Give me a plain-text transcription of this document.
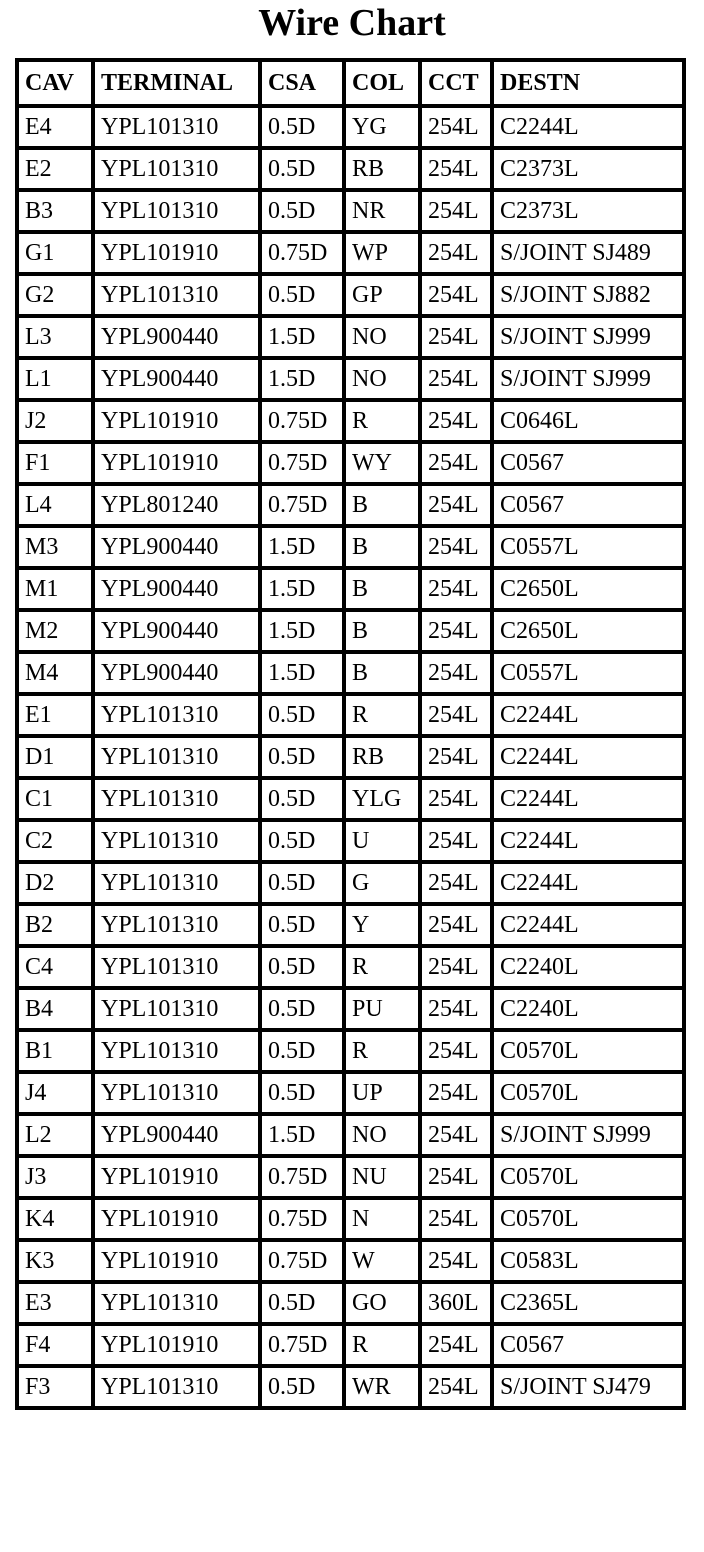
Wire Chart
CAV	TERMINAL	CSA	COL	CCT	DESTN
E4	YPL101310	0.5D	YG	254L	C2244L
E2	YPL101310	0.5D	RB	254L	C2373L
B3	YPL101310	0.5D	NR	254L	C2373L
G1	YPL101910	0.75D	WP	254L	S/JOINT SJ489
G2	YPL101310	0.5D	GP	254L	S/JOINT SJ882
L3	YPL900440	1.5D	NO	254L	S/JOINT SJ999
L1	YPL900440	1.5D	NO	254L	S/JOINT SJ999
J2	YPL101910	0.75D	R	254L	C0646L
F1	YPL101910	0.75D	WY	254L	C0567
L4	YPL801240	0.75D	B	254L	C0567
M3	YPL900440	1.5D	B	254L	C0557L
M1	YPL900440	1.5D	B	254L	C2650L
M2	YPL900440	1.5D	B	254L	C2650L
M4	YPL900440	1.5D	B	254L	C0557L
E1	YPL101310	0.5D	R	254L	C2244L
D1	YPL101310	0.5D	RB	254L	C2244L
C1	YPL101310	0.5D	YLG	254L	C2244L
C2	YPL101310	0.5D	U	254L	C2244L
D2	YPL101310	0.5D	G	254L	C2244L
B2	YPL101310	0.5D	Y	254L	C2244L
C4	YPL101310	0.5D	R	254L	C2240L
B4	YPL101310	0.5D	PU	254L	C2240L
B1	YPL101310	0.5D	R	254L	C0570L
J4	YPL101310	0.5D	UP	254L	C0570L
L2	YPL900440	1.5D	NO	254L	S/JOINT SJ999
J3	YPL101910	0.75D	NU	254L	C0570L
K4	YPL101910	0.75D	N	254L	C0570L
K3	YPL101910	0.75D	W	254L	C0583L
E3	YPL101310	0.5D	GO	360L	C2365L
F4	YPL101910	0.75D	R	254L	C0567
F3	YPL101310	0.5D	WR	254L	S/JOINT SJ479
